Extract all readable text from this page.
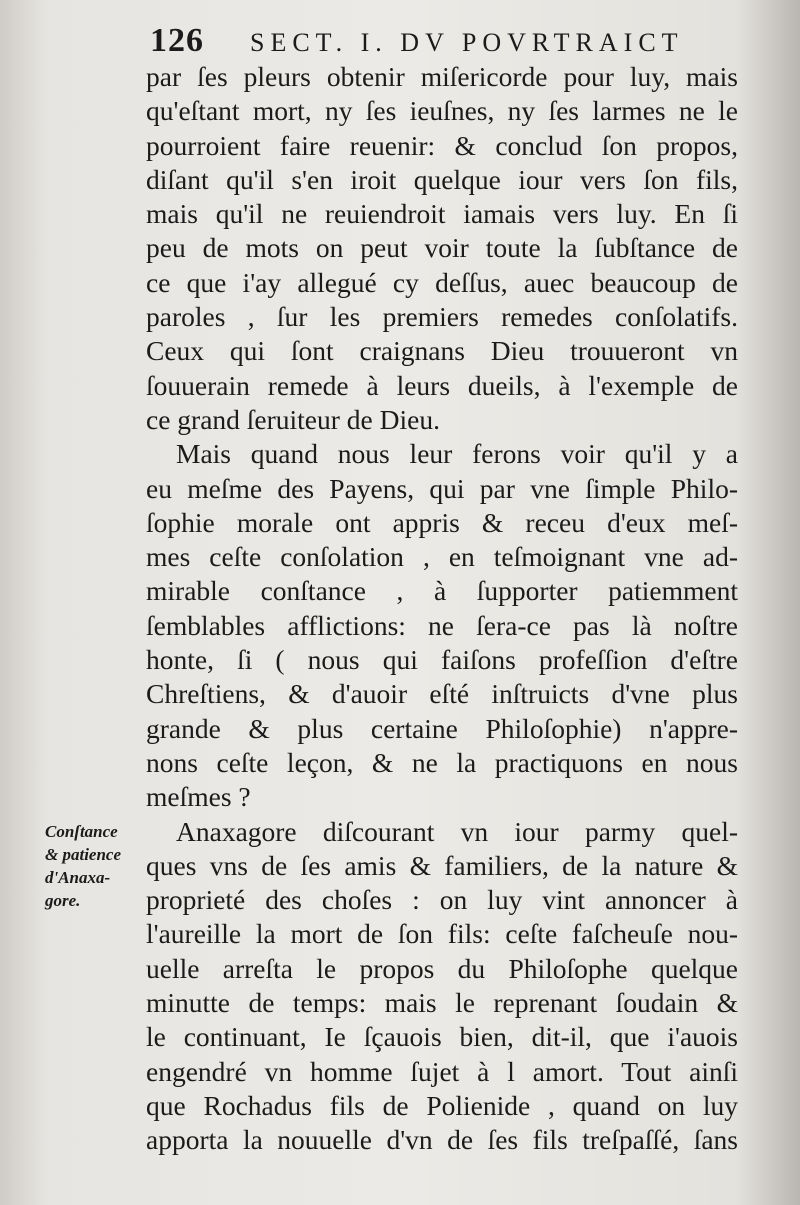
126 SECT. I. DV POVRTRAICT
par ſes pleurs obtenir miſericorde pour luy, mais
qu'eſtant mort, ny ſes ieuſnes, ny ſes larmes ne le
pourroient faire reuenir: & conclud ſon propos,
diſant qu'il s'en iroit quelque iour vers ſon fils,
mais qu'il ne reuiendroit iamais vers luy. En ſi
peu de mots on peut voir toute la ſubſtance de
ce que i'ay allegué cy deſſus, auec beaucoup de
paroles , ſur les premiers remedes conſolatifs.
Ceux qui ſont craignans Dieu trouueront vn
ſouuerain remede à leurs dueils, à l'exemple de
ce grand ſeruiteur de Dieu.
Mais quand nous leur ferons voir qu'il y a
eu meſme des Payens, qui par vne ſimple Philo-
ſophie morale ont appris & receu d'eux meſ-
mes ceſte conſolation , en teſmoignant vne ad-
mirable conſtance , à ſupporter patiemment
ſemblables afflictions: ne ſera-ce pas là noſtre
honte, ſi ( nous qui faiſons profeſſion d'eſtre
Chreſtiens, & d'auoir eſté inſtruicts d'vne plus
grande & plus certaine Philoſophie) n'appre-
nons ceſte leçon, & ne la practiquons en nous
meſmes ?
Anaxagore diſcourant vn iour parmy quel-
ques vns de ſes amis & familiers, de la nature &
proprieté des choſes : on luy vint annoncer à
l'aureille la mort de ſon fils: ceſte faſcheuſe nou-
uelle arreſta le propos du Philoſophe quelque
minutte de temps: mais le reprenant ſoudain &
le continuant, Ie ſçauois bien, dit-il, que i'auois
engendré vn homme ſujet à l amort. Tout ainſi
que Rochadus fils de Polienide , quand on luy
apporta la nouuelle d'vn de ſes fils treſpaſſé, ſans
Conſtance
& patience
d'Anaxa-
gore.
